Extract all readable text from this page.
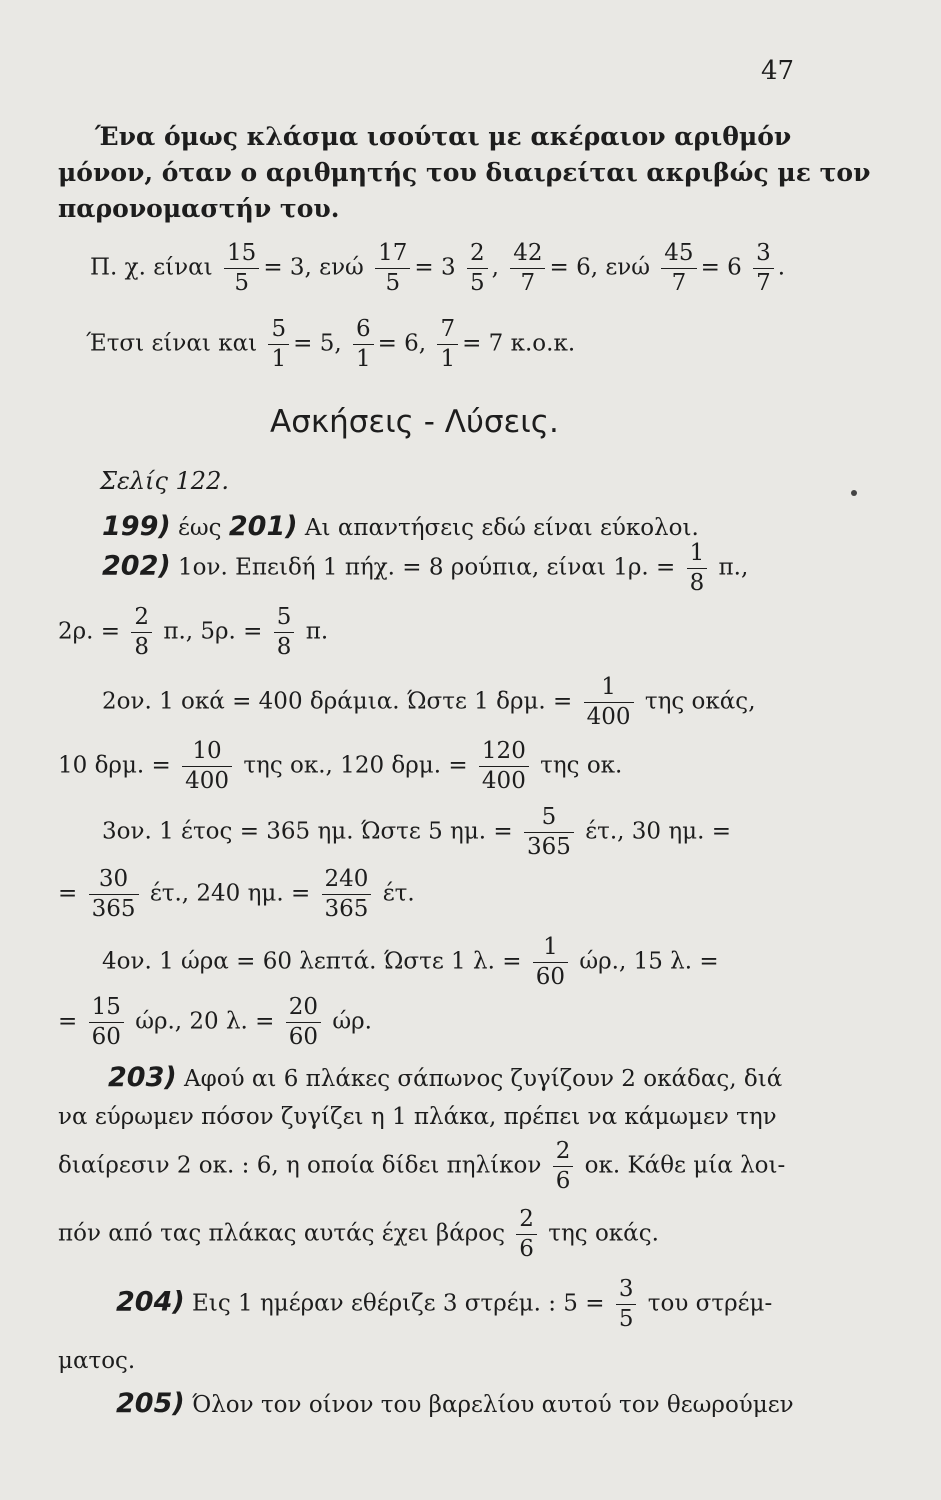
47
Ένα όμως κλάσμα ισούται με ακέραιον αριθμόν
μόνον, όταν ο αριθμητής του διαιρείται ακριβώς με τον
παρονομαστήν του.
Π. χ. είναι $\frac{15}{5} = 3$, ενώ $\frac{17}{5} = 3 \frac{2}{5}$ , $\frac{42}{7} = 6$, ενώ $\frac{45}{7} = 6 \frac{3}{7}$ .
Έτσι είναι και $\frac{5}{1} = 5$, $\frac{6}{1} = 6$, $\frac{7}{1} = 7$ κ.ο.κ.
Ασκήσεις - Λύσεις.
Σελίς 122.
199) έως 201) Αι απαντήσεις εδώ είναι εύκολοι.
202) 1ον. Επειδή 1 πήχ. = 8 ρούπια, είναι 1ρ. = $\frac{1}{8} \pi$.,
2ρ. = $\frac{2}{8} \pi$., 5ρ. = $\frac{5}{8} \pi$.
2ον. 1 οκά = 400 δράμια. Ώστε 1 δρμ. = $\frac{1}{400}$ της οκάς,
10 δρμ. = $\frac{10}{400}$ της οκ., 120 δρμ. = $\frac{120}{400}$ της οκ.
3ον. 1 έτος = 365 ημ. Ώστε 5 ημ. = $\frac{5}{365} έ\tau$., 30 ημ. =
= $\frac{30}{365} έ\tau$., 240 ημ. = $\frac{240}{365} έ\tau$.
4ον. 1 ώρα = 60 λεπτά. Ώστε 1 λ. = $\frac{1}{60} ώ\rho$., 15 λ. =
= $\frac{15}{60} ώ\rho$., 20 λ. = $\frac{20}{60} ώ\rho$.
203) Αφού αι 6 πλάκες σάπωνος ζυγίζουν 2 οκάδας, διά
να εύρωμεν πόσον ζυγίζει η 1 πλάκα, πρέπει να κάμωμεν την
διαίρεσιν 2 οκ. : 6, η οποία δίδει πηλίκον $\frac{2}{6} o\kappa$. Κάθε μία λοι-
πόν από τας πλάκας αυτάς έχει βάρος $\frac{2}{6}$ της οκάς.
204) Εις 1 ημέραν εθέριζε 3 στρέμ. : $5 = \frac{3}{5}$ του στρέμ-
ματος.
205) Όλον τον οίνον του βαρελίου αυτού τον θεωρούμεν
